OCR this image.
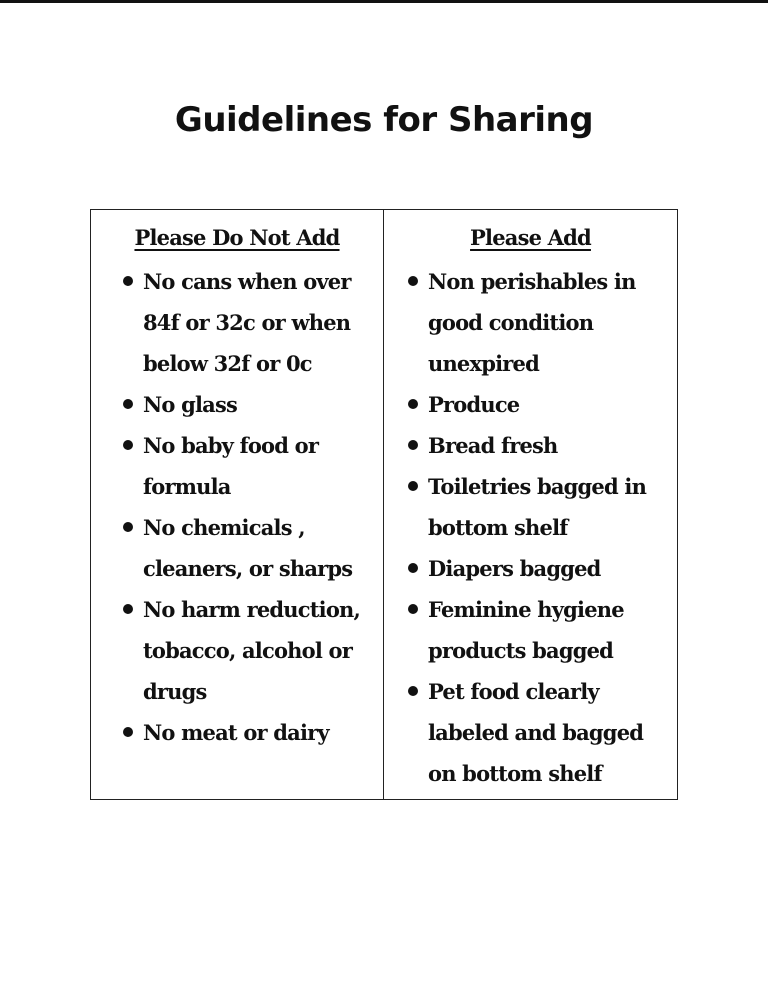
Guidelines for Sharing
Please Do Not Add
No cans when over
84f or 32c or when
below 32f or 0c
No glass
No baby food or
formula
No chemicals ,
cleaners, or sharps
No harm reduction,
tobacco, alcohol or
drugs
No meat or dairy
Please Add
Non perishables in
good condition
unexpired
Produce
Bread fresh
Toiletries bagged in
bottom shelf
Diapers bagged
Feminine hygiene
products bagged
Pet food clearly
labeled and bagged
on bottom shelf
